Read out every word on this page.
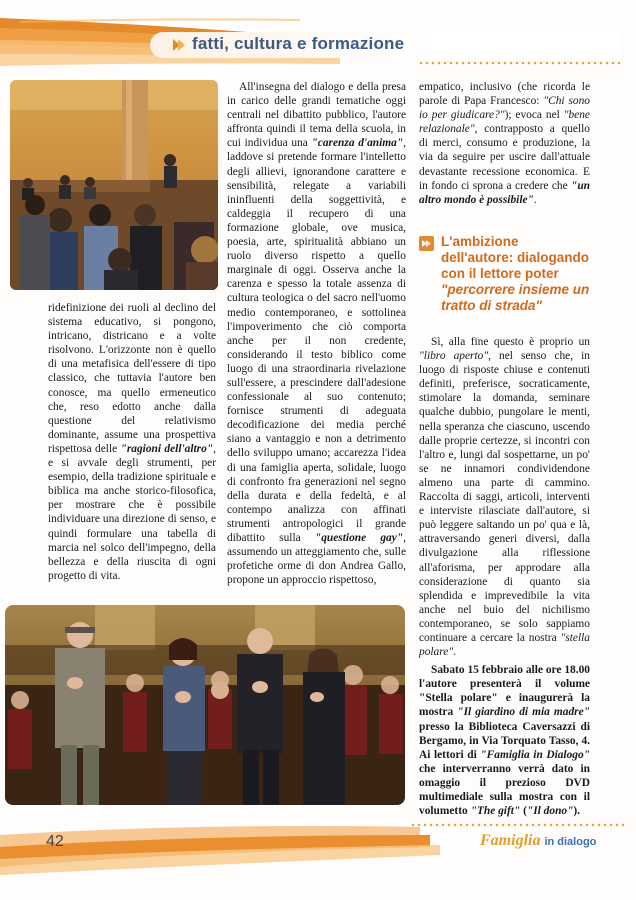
fatti, cultura e formazione

ridefinizione dei ruoli al declino del sistema educativo, si pongono, intricano, districano e a volte risolvono. L'orizzonte non è quello di una metafisica dell'essere di tipo classico, che tuttavia l'autore ben conosce, ma quello ermeneutico che, reso edotto anche dalla questione del relativismo dominante, assume una prospettiva rispettosa delle "ragioni dell'altro", e si avvale degli strumenti, per esempio, della tradizione spirituale e biblica ma anche storico-filosofica, per mostrare che è possibile individuare una direzione di senso, e quindi formulare una tabella di marcia nel solco dell'impegno, della bellezza e della riuscita di ogni progetto di vita.

All'insegna del dialogo e della presa in carico delle grandi tematiche oggi centrali nel dibattito pubblico, l'autore affronta quindi il tema della scuola, in cui individua una "carenza d'anima", laddove si pretende formare l'intelletto degli allievi, ignorandone carattere e sensibilità, relegate a variabili ininfluenti della soggettività, e caldeggia il recupero di una formazione globale, ove musica, poesia, arte, spiritualità abbiano un ruolo diverso rispetto a quello marginale di oggi. Osserva anche la carenza e spesso la totale assenza di cultura teologica o del sacro nell'uomo medio contemporaneo, e sottolinea l'impoverimento che ciò comporta anche per il non credente, considerando il testo biblico come luogo di una straordinaria rivelazione sull'essere, a prescindere dall'adesione confessionale al suo contenuto; fornisce strumenti di adeguata decodificazione dei media perché siano a vantaggio e non a detrimento dello sviluppo umano; accarezza l'idea di una famiglia aperta, solidale, luogo di confronto fra generazioni nel segno della durata e della fedeltà, e al contempo analizza con affinati strumenti antropologici il grande dibattito sulla "questione gay", assumendo un atteggiamento che, sulle profetiche orme di don Andrea Gallo, propone un approccio rispettoso,

empatico, inclusivo (che ricorda le parole di Papa Francesco: "Chi sono io per giudicare?"); evoca nel "bene relazionale", contrapposto a quello di merci, consumo e produzione, la via da seguire per uscire dall'attuale devastante recessione economica. E in fondo ci sprona a credere che "un altro mondo è possibile".

L'ambizione dell'autore: dialogando con il lettore poter
"percorrere insieme un tratto di strada"

Sì, alla fine questo è proprio un "libro aperto", nel senso che, in luogo di risposte chiuse e contenuti definiti, preferisce, socraticamente, stimolare la domanda, seminare qualche dubbio, pungolare le menti, nella speranza che ciascuno, uscendo dalle proprie certezze, si incontri con l'altro e, lungi dal sospettarne, un po' se ne innamori condividendone almeno una parte di cammino. Raccolta di saggi, articoli, interventi e interviste rilasciate dall'autore, si può leggere saltando un po' qua e là, attraversando generi diversi, dalla divulgazione alla riflessione all'aforisma, per approdare alla considerazione di quanto sia splendida e imprevedibile la vita anche nel buio del nichilismo contemporaneo, se solo sappiamo continuare a cercare la nostra "stella polare".

Sabato 15 febbraio alle ore 18.00 l'autore presenterà il volume "Stella polare" e inaugurerà la mostra "Il giardino di mia madre" presso la Biblioteca Caversazzi di Bergamo, in Via Torquato Tasso, 4. Ai lettori di "Famiglia in Dialogo" che interverranno verrà dato in omaggio il prezioso DVD multimediale sulla mostra con il volumetto "The gift" ("Il dono").

42	Famiglia in dialogo
